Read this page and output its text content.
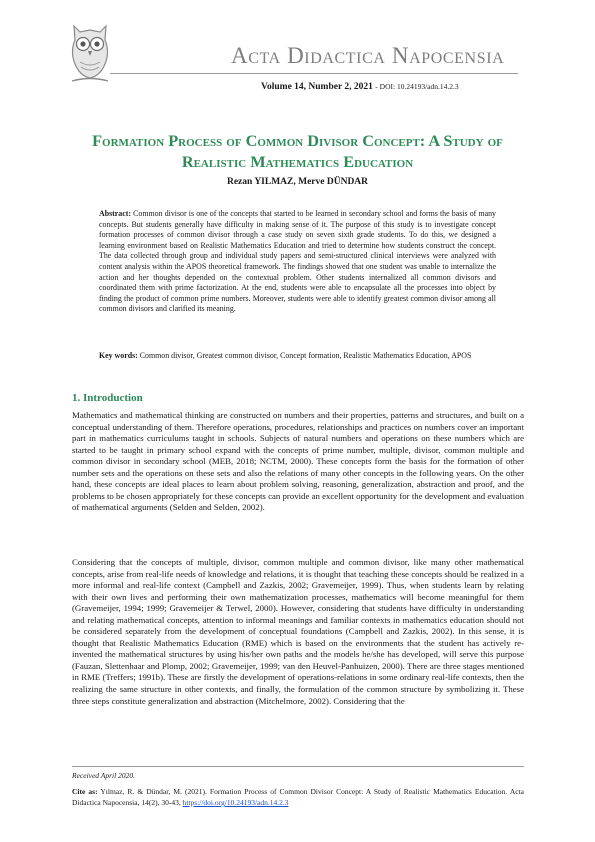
Acta Didactica Napocensia
Volume 14, Number 2, 2021 - DOI: 10.24193/adn.14.2.3
Formation Process of Common Divisor Concept: A Study of Realistic Mathematics Education
Rezan YILMAZ, Merve DÜNDAR

Abstract: Common divisor is one of the concepts that started to be learned in secondary school and forms the basis of many concepts. But students generally have difficulty in making sense of it. The purpose of this study is to investigate concept formation processes of common divisor through a case study on seven sixth grade students. To do this, we designed a learning environment based on Realistic Mathematics Education and tried to determine how students construct the concept. The data collected through group and individual study papers and semi-structured clinical interviews were analyzed with content analysis within the APOS theoretical framework. The findings showed that one student was unable to internalize the action and her thoughts depended on the contextual problem. Other students internalized all common divisors and coordinated them with prime factorization. At the end, students were able to encapsulate all the processes into object by finding the product of common prime numbers. Moreover, students were able to identify greatest common divisor among all common divisors and clarified its meaning.

Key words: Common divisor, Greatest common divisor, Concept formation, Realistic Mathematics Education, APOS

1. Introduction

Mathematics and mathematical thinking are constructed on numbers and their properties, patterns and structures, and built on a conceptual understanding of them. Therefore operations, procedures, relationships and practices on numbers cover an important part in mathematics curriculums taught in schools. Subjects of natural numbers and operations on these numbers which are started to be taught in primary school expand with the concepts of prime number, multiple, divisor, common multiple and common divisor in secondary school (MEB, 2018; NCTM, 2000). These concepts form the basis for the formation of other number sets and the operations on these sets and also the relations of many other concepts in the following years. On the other hand, these concepts are ideal places to learn about problem solving, reasoning, generalization, abstraction and proof, and the problems to be chosen appropriately for these concepts can provide an excellent opportunity for the development and evaluation of mathematical arguments (Selden and Selden, 2002).

Considering that the concepts of multiple, divisor, common multiple and common divisor, like many other mathematical concepts, arise from real-life needs of knowledge and relations, it is thought that teaching these concepts should be realized in a more informal and real-life context (Campbell and Zazkis, 2002; Gravemeijer, 1999). Thus, when students learn by relating with their own lives and performing their own mathematization processes, mathematics will become meaningful for them (Gravemeijer, 1994; 1999; Gravemeijer & Terwel, 2000). However, considering that students have difficulty in understanding and relating mathematical concepts, attention to informal meanings and familiar contexts in mathematics education should not be considered separately from the development of conceptual foundations (Campbell and Zazkis, 2002). In this sense, it is thought that Realistic Mathematics Education (RME) which is based on the environments that the student has actively re-invented the mathematical structures by using his/her own paths and the models he/she has developed, will serve this purpose (Fauzan, Slettenhaar and Plomp, 2002; Gravemeijer, 1999; van den Heuvel-Panhuizen, 2000). There are three stages mentioned in RME (Treffers; 1991b). These are firstly the development of operations-relations in some ordinary real-life contexts, then the realizing the same structure in other contexts, and finally, the formulation of the common structure by symbolizing it. These three steps constitute generalization and abstraction (Mitchelmore, 2002). Considering that the

Received April 2020.

Cite as: Yılmaz, R. & Dündar, M. (2021). Formation Process of Common Divisor Concept: A Study of Realistic Mathematics Education. Acta Didactica Napocensia, 14(2), 30-43, https://doi.org/10.24193/adn.14.2.3
